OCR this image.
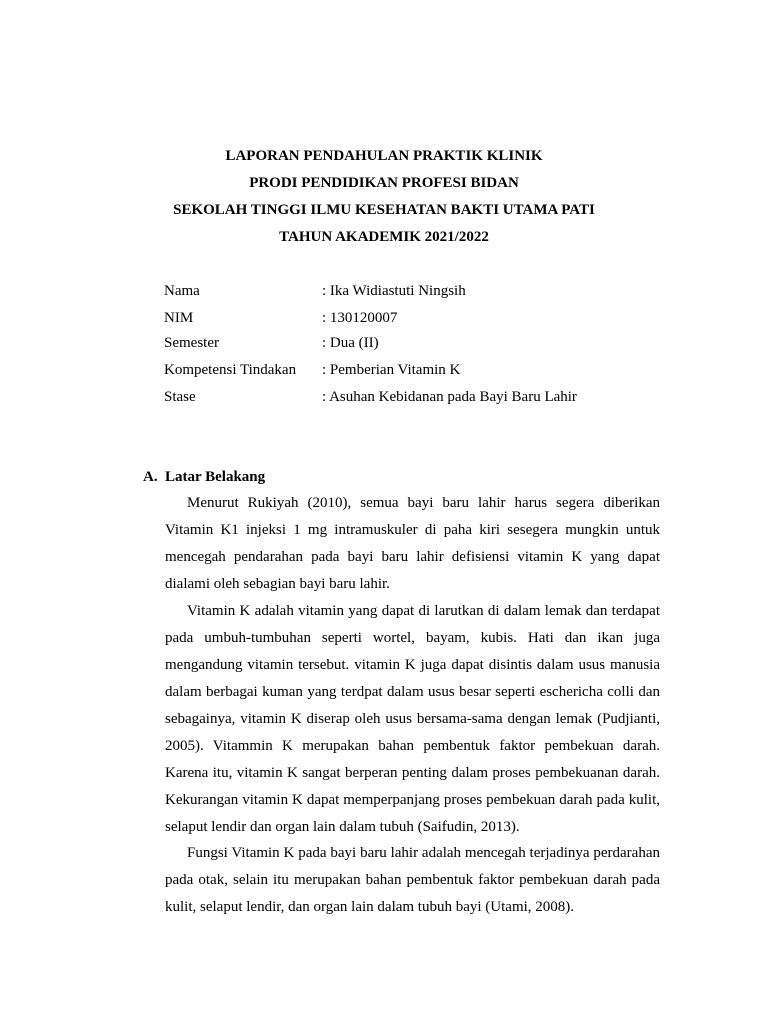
LAPORAN PENDAHULAN PRAKTIK KLINIK
PRODI PENDIDIKAN PROFESI BIDAN
SEKOLAH TINGGI ILMU KESEHATAN BAKTI UTAMA PATI
TAHUN AKADEMIK 2021/2022
Nama	: Ika Widiastuti Ningsih
NIM	: 130120007
Semester	: Dua (II)
Kompetensi Tindakan : Pemberian Vitamin K
Stase	: Asuhan Kebidanan pada Bayi Baru Lahir
A. Latar Belakang

Menurut Rukiyah (2010), semua bayi baru lahir harus segera diberikan Vitamin K1 injeksi 1 mg intramuskuler di paha kiri sesegera mungkin untuk mencegah pendarahan pada bayi baru lahir defisiensi vitamin K yang dapat dialami oleh sebagian bayi baru lahir.

Vitamin K adalah vitamin yang dapat di larutkan di dalam lemak dan terdapat pada umbuh-tumbuhan seperti wortel, bayam, kubis. Hati dan ikan juga mengandung vitamin tersebut. vitamin K juga dapat disintis dalam usus manusia dalam berbagai kuman yang terdpat dalam usus besar seperti eschericha colli dan sebagainya, vitamin K diserap oleh usus bersama-sama dengan lemak (Pudjianti, 2005). Vitammin K merupakan bahan pembentuk faktor pembekuan darah. Karena itu, vitamin K sangat berperan penting dalam proses pembekuanan darah. Kekurangan vitamin K dapat memperpanjang proses pembekuan darah pada kulit, selaput lendir dan organ lain dalam tubuh (Saifudin, 2013).

Fungsi Vitamin K pada bayi baru lahir adalah mencegah terjadinya perdarahan pada otak, selain itu merupakan bahan pembentuk faktor pembekuan darah pada kulit, selaput lendir, dan organ lain dalam tubuh bayi (Utami, 2008).
